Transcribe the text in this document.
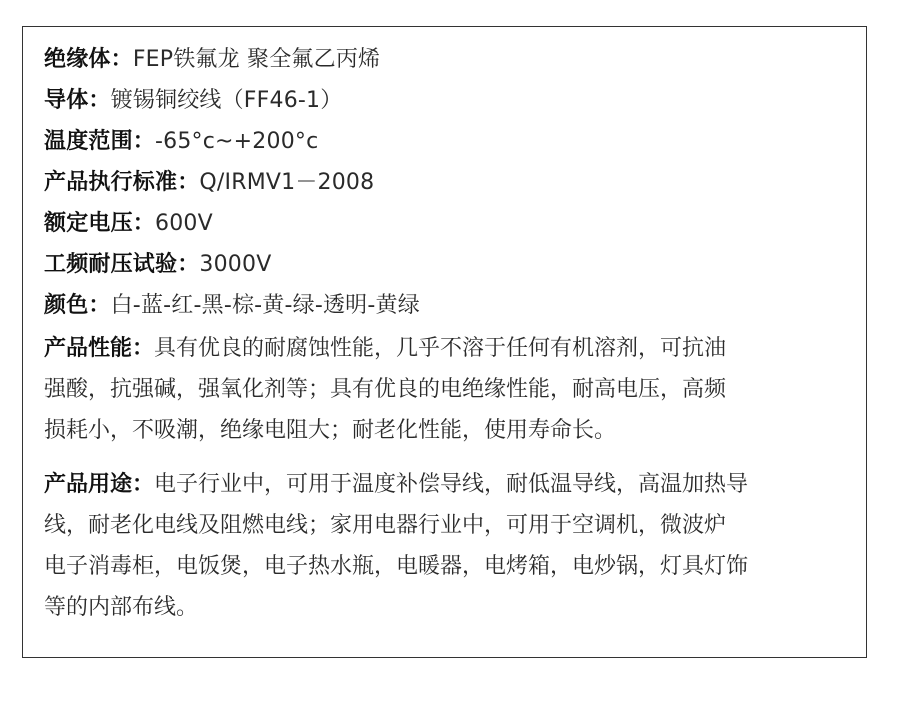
绝缘体：FEP铁氟龙 聚全氟乙丙烯
导体：镀锡铜绞线（FF46-1）
温度范围：-65°c~+200°c
产品执行标准：Q/IRMV1－2008
额定电压：600V
工频耐压试验：3000V
颜色：白-蓝-红-黑-棕-黄-绿-透明-黄绿
产品性能：具有优良的耐腐蚀性能，几乎不溶于任何有机溶剂，可抗油
强酸，抗强碱，强氧化剂等；具有优良的电绝缘性能，耐高电压，高频
损耗小，不吸潮，绝缘电阻大；耐老化性能，使用寿命长。
产品用途：电子行业中，可用于温度补偿导线，耐低温导线，高温加热导
线，耐老化电线及阻燃电线；家用电器行业中，可用于空调机，微波炉
电子消毒柜，电饭煲，电子热水瓶，电暖器，电烤箱，电炒锅，灯具灯饰
等的内部布线。
